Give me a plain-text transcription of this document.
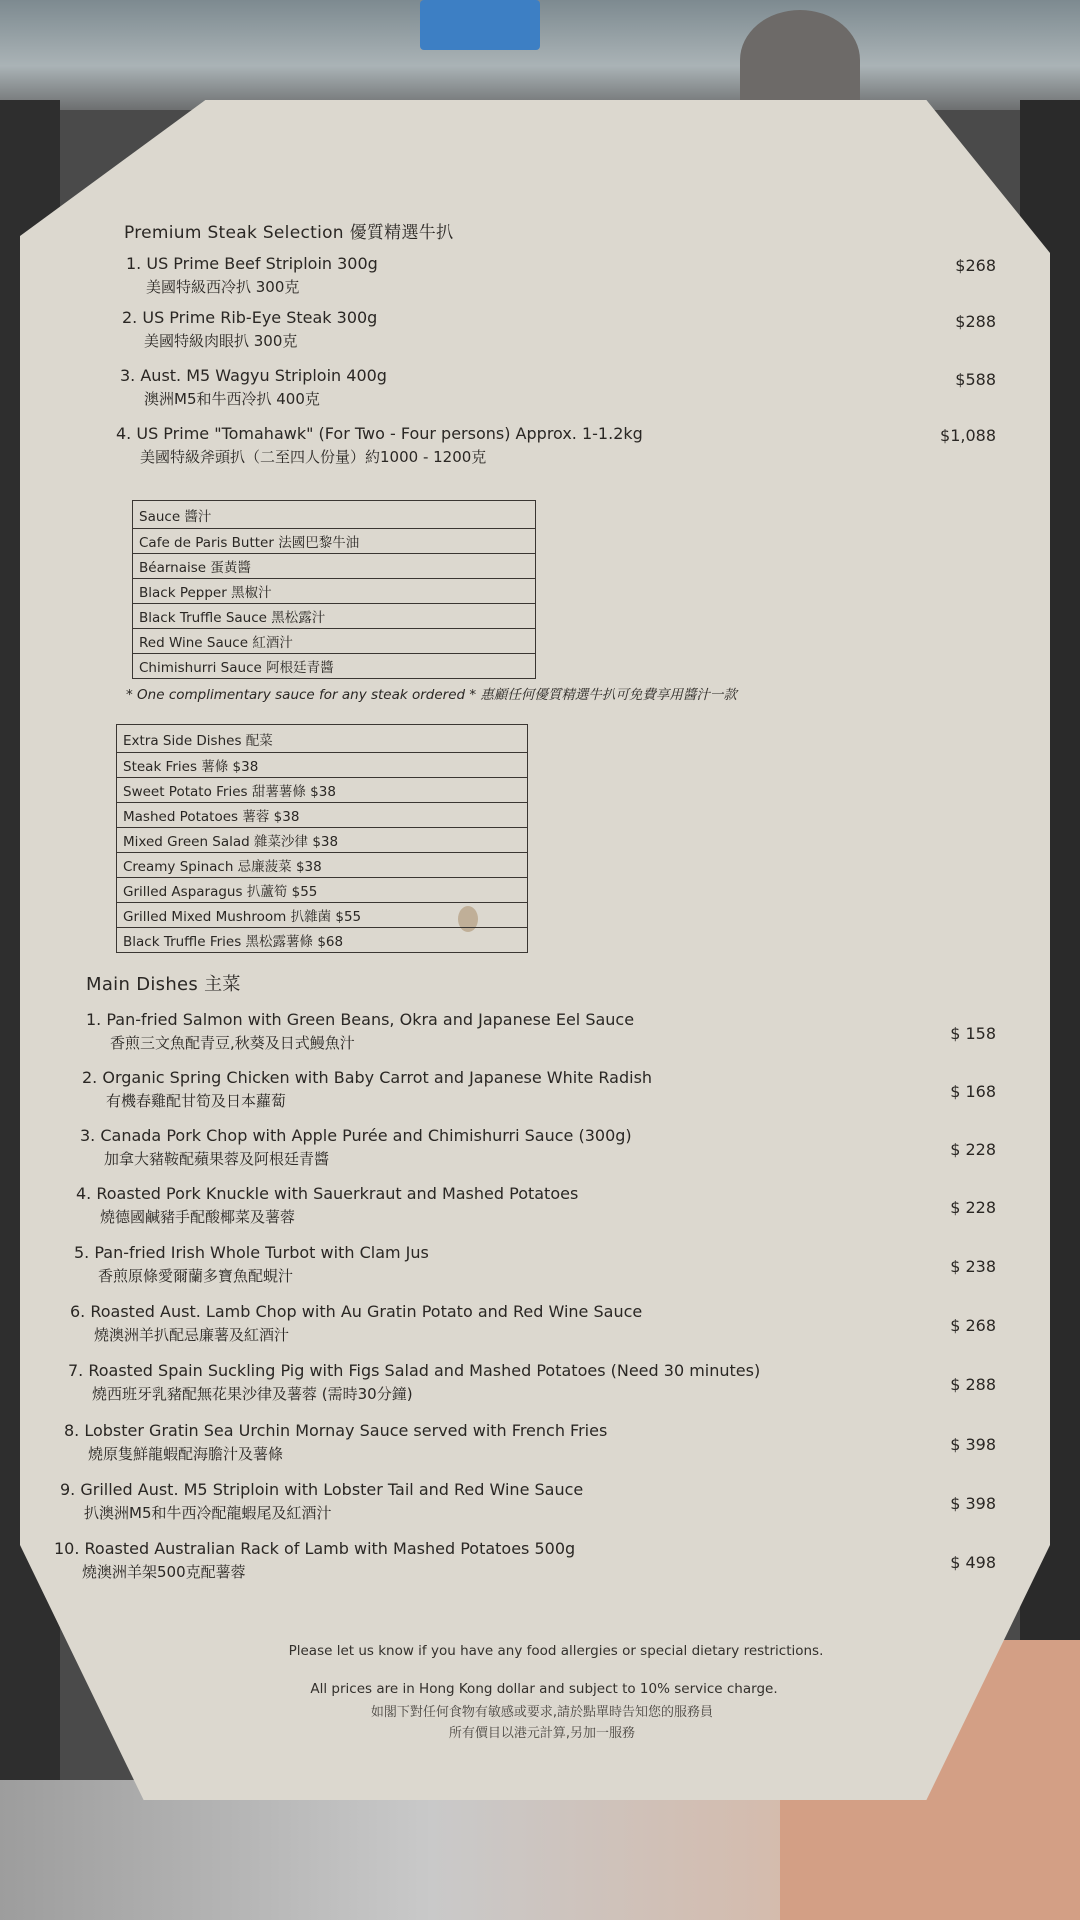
Premium Steak Selection 優質精選牛扒
1. US Prime Beef Striploin 300g
美國特級西冷扒 300克
$268
2. US Prime Rib-Eye Steak 300g
美國特級肉眼扒 300克
$288
3. Aust. M5 Wagyu Striploin 400g
澳洲M5和牛西冷扒 400克
$588
4. US Prime "Tomahawk" (For Two - Four persons) Approx. 1-1.2kg
美國特級斧頭扒（二至四人份量）約1000 - 1200克
$1,088
Sauce 醬汁
Cafe de Paris Butter 法國巴黎牛油
Béarnaise 蛋黃醬
Black Pepper 黑椒汁
Black Truffle Sauce 黑松露汁
Red Wine Sauce 紅酒汁
Chimishurri Sauce 阿根廷青醬
* One complimentary sauce for any steak ordered * 惠顧任何優質精選牛扒可免費享用醬汁一款
Extra Side Dishes 配菜
Steak Fries 薯條 $38
Sweet Potato Fries 甜薯薯條 $38
Mashed Potatoes 薯蓉 $38
Mixed Green Salad 雜菜沙律 $38
Creamy Spinach 忌廉菠菜 $38
Grilled Asparagus 扒蘆筍 $55
Grilled Mixed Mushroom 扒雜菌 $55
Black Truffle Fries 黑松露薯條 $68
Main Dishes 主菜
1. Pan-fried Salmon with Green Beans, Okra and Japanese Eel Sauce
香煎三文魚配青豆,秋葵及日式鰻魚汁	$ 158
2. Organic Spring Chicken with Baby Carrot and Japanese White Radish
有機春雞配甘筍及日本蘿蔔	$ 168
3. Canada Pork Chop with Apple Purée and Chimishurri Sauce (300g)
加拿大豬鞍配蘋果蓉及阿根廷青醬	$ 228
4. Roasted Pork Knuckle with Sauerkraut and Mashed Potatoes
燒德國鹹豬手配酸椰菜及薯蓉	$ 228
5. Pan-fried Irish Whole Turbot with Clam Jus
香煎原條愛爾蘭多寶魚配蜆汁	$ 238
6. Roasted Aust. Lamb Chop with Au Gratin Potato and Red Wine Sauce
燒澳洲羊扒配忌廉薯及紅酒汁	$ 268
7. Roasted Spain Suckling Pig with Figs Salad and Mashed Potatoes (Need 30 minutes)
燒西班牙乳豬配無花果沙律及薯蓉 (需時30分鐘)	$ 288
8. Lobster Gratin Sea Urchin Mornay Sauce served with French Fries
燒原隻鮮龍蝦配海膽汁及薯條	$ 398
9. Grilled Aust. M5 Striploin with Lobster Tail and Red Wine Sauce
扒澳洲M5和牛西冷配龍蝦尾及紅酒汁	$ 398
10. Roasted Australian Rack of Lamb with Mashed Potatoes 500g
燒澳洲羊架500克配薯蓉	$ 498
Please let us know if you have any food allergies or special dietary restrictions.
All prices are in Hong Kong dollar and subject to 10% service charge.
如閣下對任何食物有敏感或要求,請於點單時告知您的服務員
所有價目以港元計算,另加一服務
